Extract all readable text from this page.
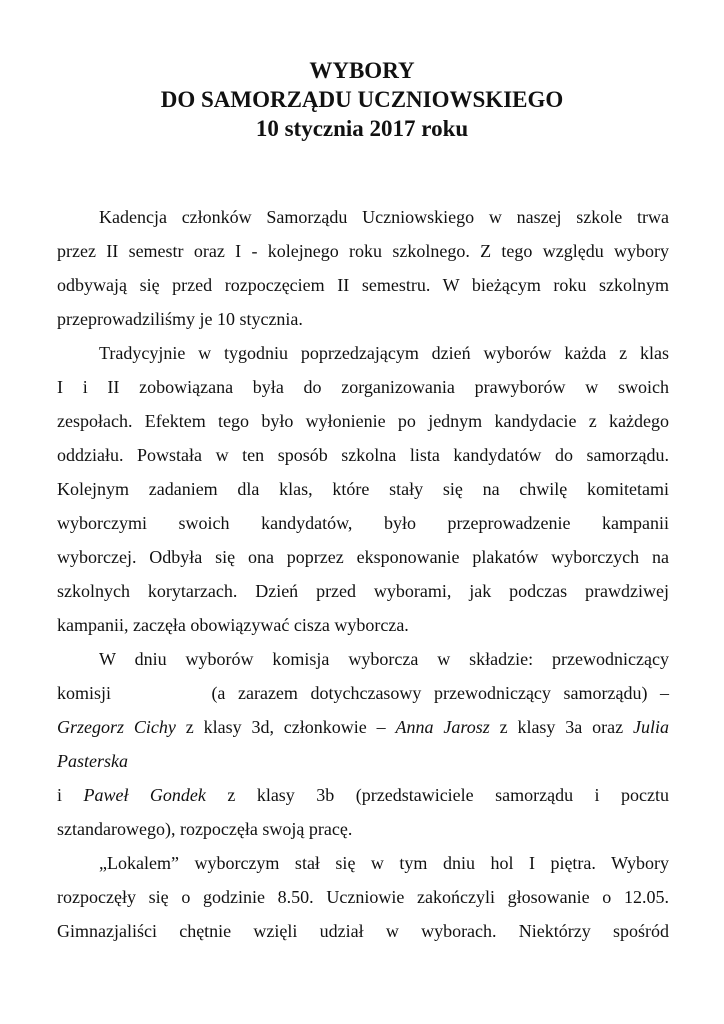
WYBORY
DO SAMORZĄDU UCZNIOWSKIEGO
10 stycznia 2017 roku
Kadencja członków Samorządu Uczniowskiego w naszej szkole trwa
przez II semestr oraz I - kolejnego roku szkolnego. Z tego względu wybory
odbywają się przed rozpoczęciem II semestru. W bieżącym roku szkolnym
przeprowadziliśmy je 10 stycznia.
Tradycyjnie w tygodniu poprzedzającym dzień wyborów każda z klas
I i II zobowiązana była do zorganizowania prawyborów w swoich
zespołach. Efektem tego było wyłonienie po jednym kandydacie z każdego
oddziału. Powstała w ten sposób szkolna lista kandydatów do samorządu.
Kolejnym zadaniem dla klas, które stały się na chwilę komitetami
wyborczymi swoich kandydatów, było przeprowadzenie kampanii
wyborczej. Odbyła się ona poprzez eksponowanie plakatów wyborczych na
szkolnych korytarzach. Dzień przed wyborami, jak podczas prawdziwej
kampanii, zaczęła obowiązywać cisza wyborcza.
W dniu wyborów komisja wyborcza w składzie: przewodniczący
komisji        (a zarazem dotychczasowy przewodniczący samorządu) –
Grzegorz Cichy z klasy 3d, członkowie – Anna Jarosz z klasy 3a oraz Julia
Pasterska
i Paweł Gondek z klasy 3b (przedstawiciele samorządu i pocztu
sztandarowego), rozpoczęła swoją pracę.
„Lokalem” wyborczym stał się w tym dniu hol I piętra. Wybory
rozpoczęły się o godzinie 8.50. Uczniowie zakończyli głosowanie o 12.05.
Gimnazjaliści chętnie wzięli udział w wyborach. Niektórzy spośród
